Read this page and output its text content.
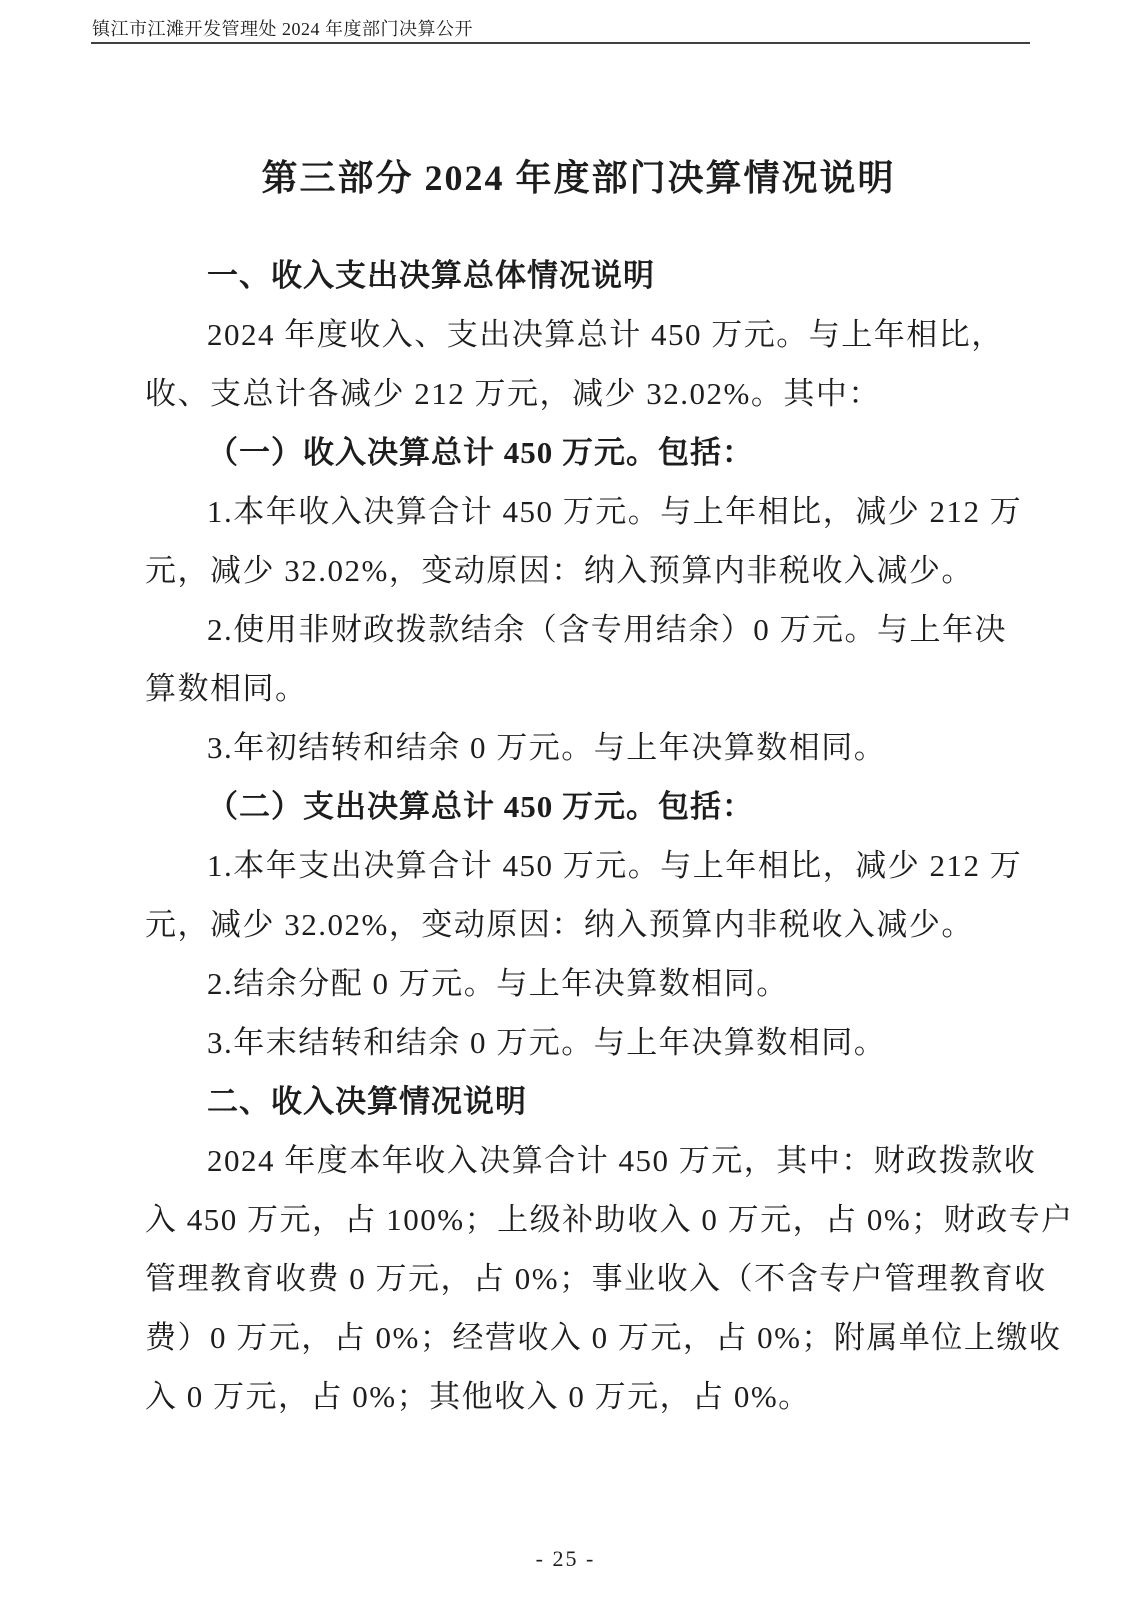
镇江市江滩开发管理处 2024 年度部门决算公开
第三部分 2024 年度部门决算情况说明
一、收入支出决算总体情况说明
2024 年度收入、支出决算总计 450 万元。与上年相比，
收、支总计各减少 212 万元，减少 32.02%。其中：
（一）收入决算总计 450 万元。包括：
1.本年收入决算合计 450 万元。与上年相比，减少 212 万
元，减少 32.02%，变动原因：纳入预算内非税收入减少。
2.使用非财政拨款结余（含专用结余）0 万元。与上年决
算数相同。
3.年初结转和结余 0 万元。与上年决算数相同。
（二）支出决算总计 450 万元。包括：
1.本年支出决算合计 450 万元。与上年相比，减少 212 万
元，减少 32.02%，变动原因：纳入预算内非税收入减少。
2.结余分配 0 万元。与上年决算数相同。
3.年末结转和结余 0 万元。与上年决算数相同。
二、收入决算情况说明
2024 年度本年收入决算合计 450 万元，其中：财政拨款收
入 450 万元，占 100%；上级补助收入 0 万元，占 0%；财政专户
管理教育收费 0 万元，占 0%；事业收入（不含专户管理教育收
费）0 万元，占 0%；经营收入 0 万元，占 0%；附属单位上缴收
入 0 万元，占 0%；其他收入 0 万元，占 0%。
- 25 -
